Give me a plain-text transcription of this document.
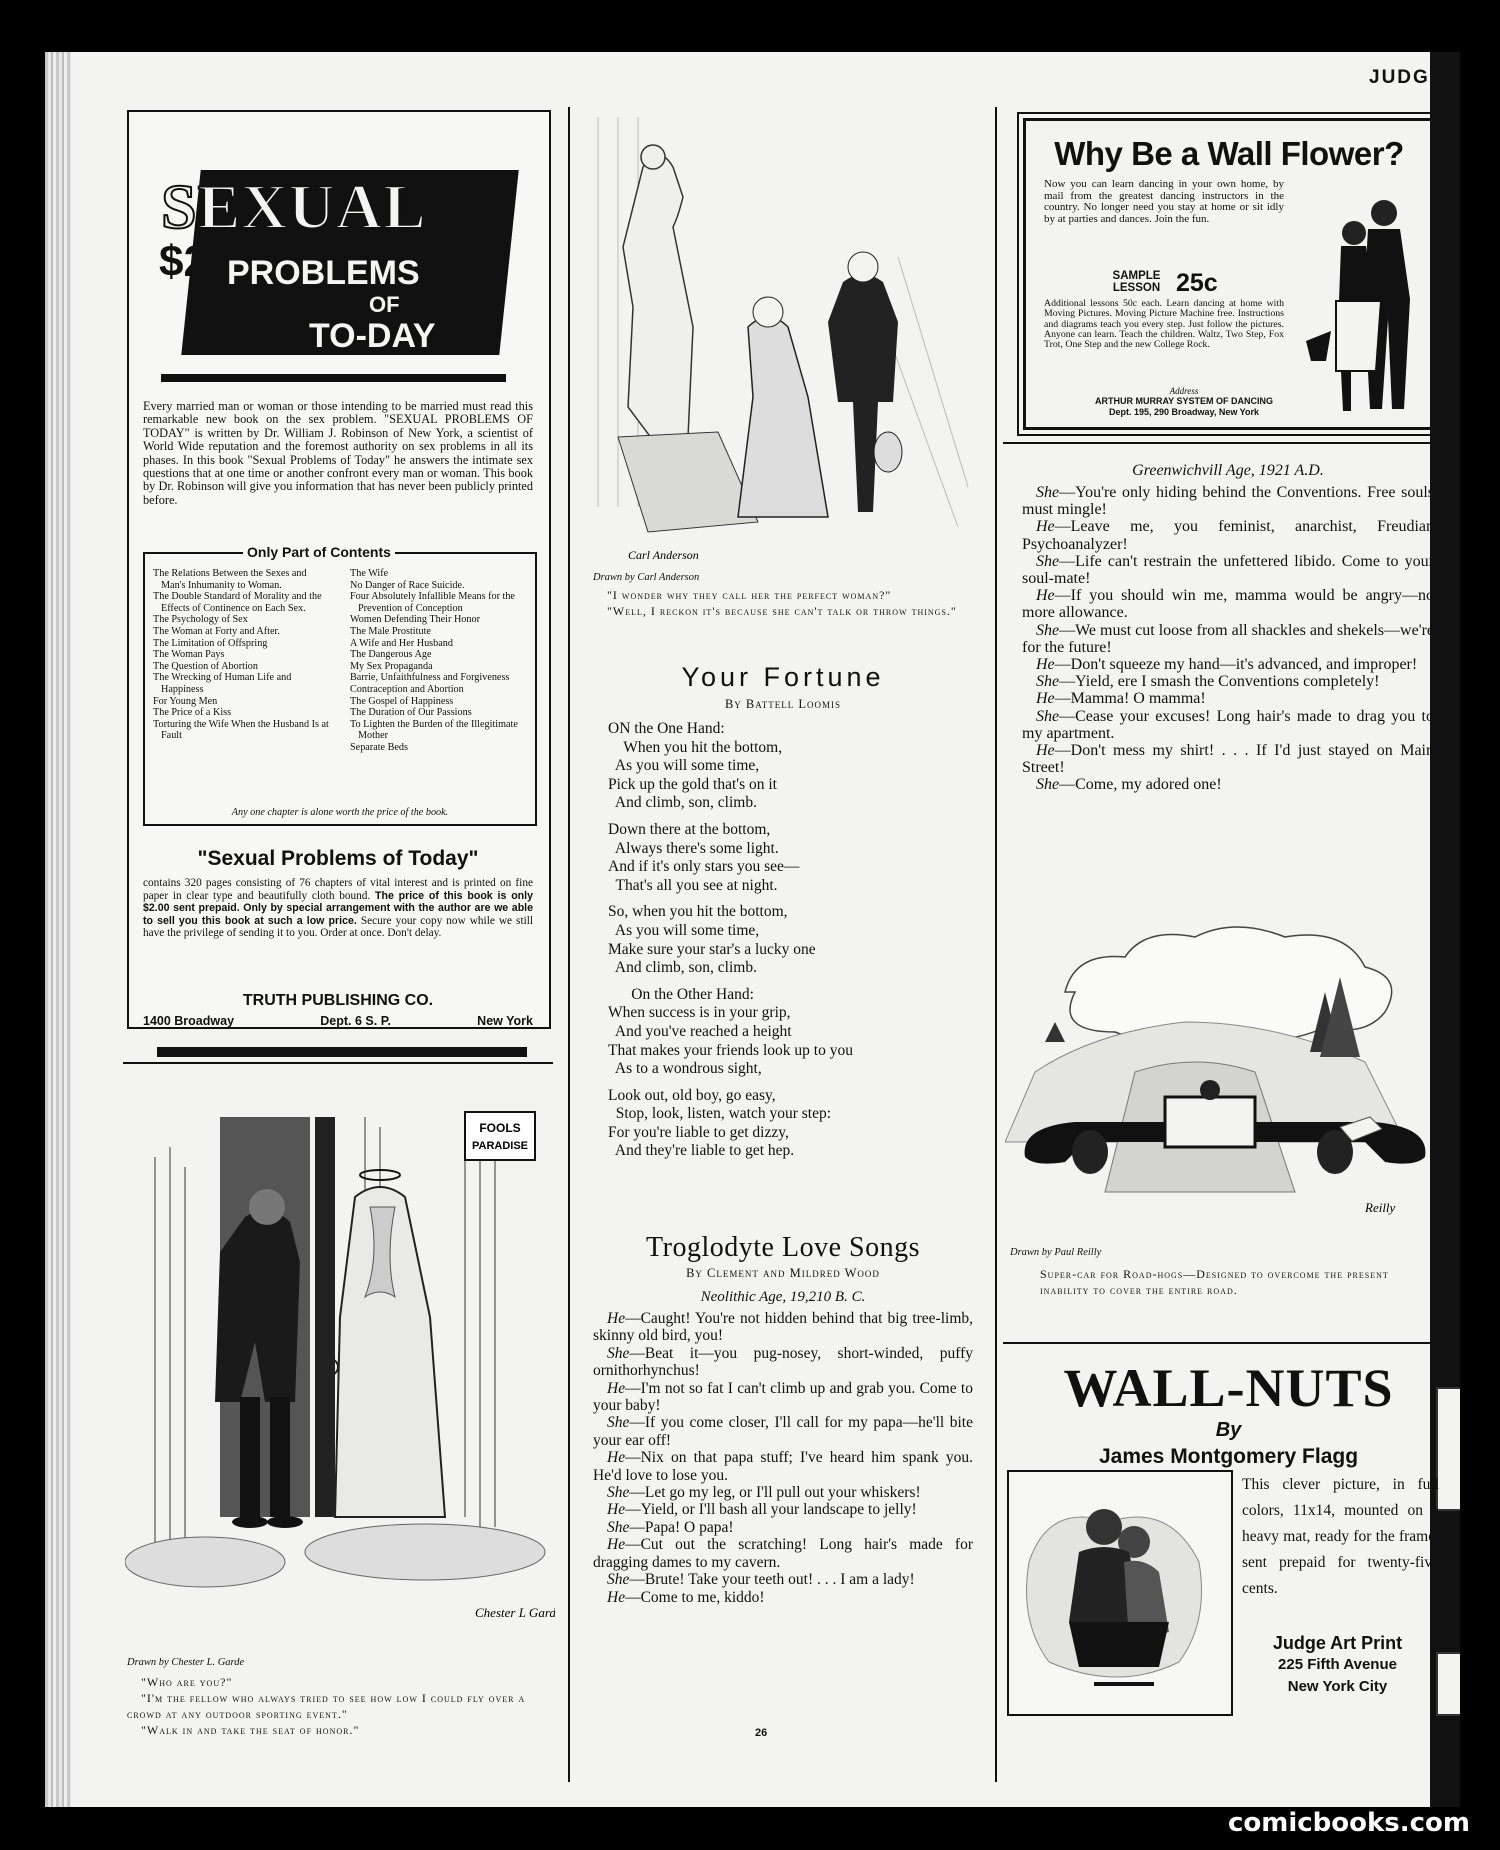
JUDGE
SEXUAL
PROBLEMS
OF
TO-DAY
$2
Every married man or woman or those intending to be married must read this remarkable new book on the sex problem. "SEXUAL PROBLEMS OF TODAY" is written by Dr. William J. Robinson of New York, a scientist of World Wide reputation and the foremost authority on sex problems in all its phases. In this book "Sexual Problems of Today" he answers the intimate sex questions that at one time or another confront every man or woman. This book by Dr. Robinson will give you information that has never been publicly printed before.
Only Part of Contents
The Relations Between the Sexes and Man's Inhumanity to Woman.
The Double Standard of Morality and the Effects of Continence on Each Sex.
The Psychology of Sex
The Woman at Forty and After.
The Limitation of Offspring
The Woman Pays
The Question of Abortion
The Wrecking of Human Life and Happiness
For Young Men
The Price of a Kiss
Torturing the Wife When the Husband Is at Fault
The Wife
No Danger of Race Suicide.
Four Absolutely Infallible Means for the Prevention of Conception
Women Defending Their Honor
The Male Prostitute
A Wife and Her Husband
The Dangerous Age
My Sex Propaganda
Barrie, Unfaithfulness and Forgiveness
Contraception and Abortion
The Gospel of Happiness
The Duration of Our Passions
To Lighten the Burden of the Illegitimate Mother
Separate Beds
Any one chapter is alone worth the price of the book.
"Sexual Problems of Today"
contains 320 pages consisting of 76 chapters of vital interest and is printed on fine paper in clear type and beautifully cloth bound. The price of this book is only $2.00 sent prepaid. Only by special arrangement with the author are we able to sell you this book at such a low price. Secure your copy now while we still have the privilege of sending it to you. Order at once. Don't delay.
TRUTH PUBLISHING CO.
1400 Broadway	Dept. 6 S. P.	New York
FOOLS
PARADISE
Chester L Garde
Drawn by Chester L. Garde
"Who are you?"
"I'm the fellow who always tried to see how low I could fly over a crowd at any outdoor sporting event."
"Walk in and take the seat of honor."
Carl Anderson
Drawn by Carl Anderson
"I wonder why they call her the perfect woman?"
"Well, I reckon it's because she can't talk or throw things."
Your Fortune
By Battell Loomis
ON the One Hand:
When you hit the bottom,
As you will some time,
Pick up the gold that's on it
And climb, son, climb.
Down there at the bottom,
Always there's some light.
And if it's only stars you see—
That's all you see at night.
So, when you hit the bottom,
As you will some time,
Make sure your star's a lucky one
And climb, son, climb.
On the Other Hand:
When success is in your grip,
And you've reached a height
That makes your friends look up to you
As to a wondrous sight,
Look out, old boy, go easy,
Stop, look, listen, watch your step:
For you're liable to get dizzy,
And they're liable to get hep.
Troglodyte Love Songs
By Clement and Mildred Wood
Neolithic Age, 19,210 B. C.

He—Caught! You're not hidden behind that big tree-limb, skinny old bird, you!

She—Beat it—you pug-nosey, short-winded, puffy ornithorhynchus!

He—I'm not so fat I can't climb up and grab you. Come to your baby!

She—If you come closer, I'll call for my papa—he'll bite your ear off!

He—Nix on that papa stuff; I've heard him spank you. He'd love to lose you.

She—Let go my leg, or I'll pull out your whiskers!

He—Yield, or I'll bash all your landscape to jelly!

She—Papa! O papa!

He—Cut out the scratching! Long hair's made for dragging dames to my cavern.

She—Brute! Take your teeth out! . . . I am a lady!

He—Come to me, kiddo!

26
Why Be a Wall Flower?
Now you can learn dancing in your own home, by mail from the greatest dancing instructors in the country. No longer need you stay at home or sit idly by at parties and dances. Join the fun.
SAMPLE LESSON 25c
Additional lessons 50c each. Learn dancing at home with Moving Pictures. Moving Picture Machine free. Instructions and diagrams teach you every step. Just follow the pictures. Anyone can learn. Teach the children. Waltz, Two Step, Fox Trot, One Step and the new College Rock.
Address
ARTHUR MURRAY SYSTEM OF DANCING
Dept. 195, 290 Broadway, New York
Greenwichvill Age, 1921 A.D.

She—You're only hiding behind the Conventions. Free souls must mingle!

He—Leave me, you feminist, anarchist, Freudian Psychoanalyzer!

She—Life can't restrain the unfettered libido. Come to your soul-mate!

He—If you should win me, mamma would be angry—no more allowance.

She—We must cut loose from all shackles and shekels—we're for the future!

He—Don't squeeze my hand—it's advanced, and improper!

She—Yield, ere I smash the Conventions completely!

He—Mamma! O mamma!

She—Cease your excuses! Long hair's made to drag you to my apartment.

He—Don't mess my shirt! . . . If I'd just stayed on Main Street!

She—Come, my adored one!

Reilly
Drawn by Paul Reilly
Super-car for Road-hogs—Designed to overcome the present inability to cover the entire road.
WALL-NUTS
By
James Montgomery Flagg
This clever picture, in full colors, 11x14, mounted on a heavy mat, ready for the frame, sent prepaid for twenty-five cents.
Judge Art Print
225 Fifth Avenue
New York City
comicbooks.com
